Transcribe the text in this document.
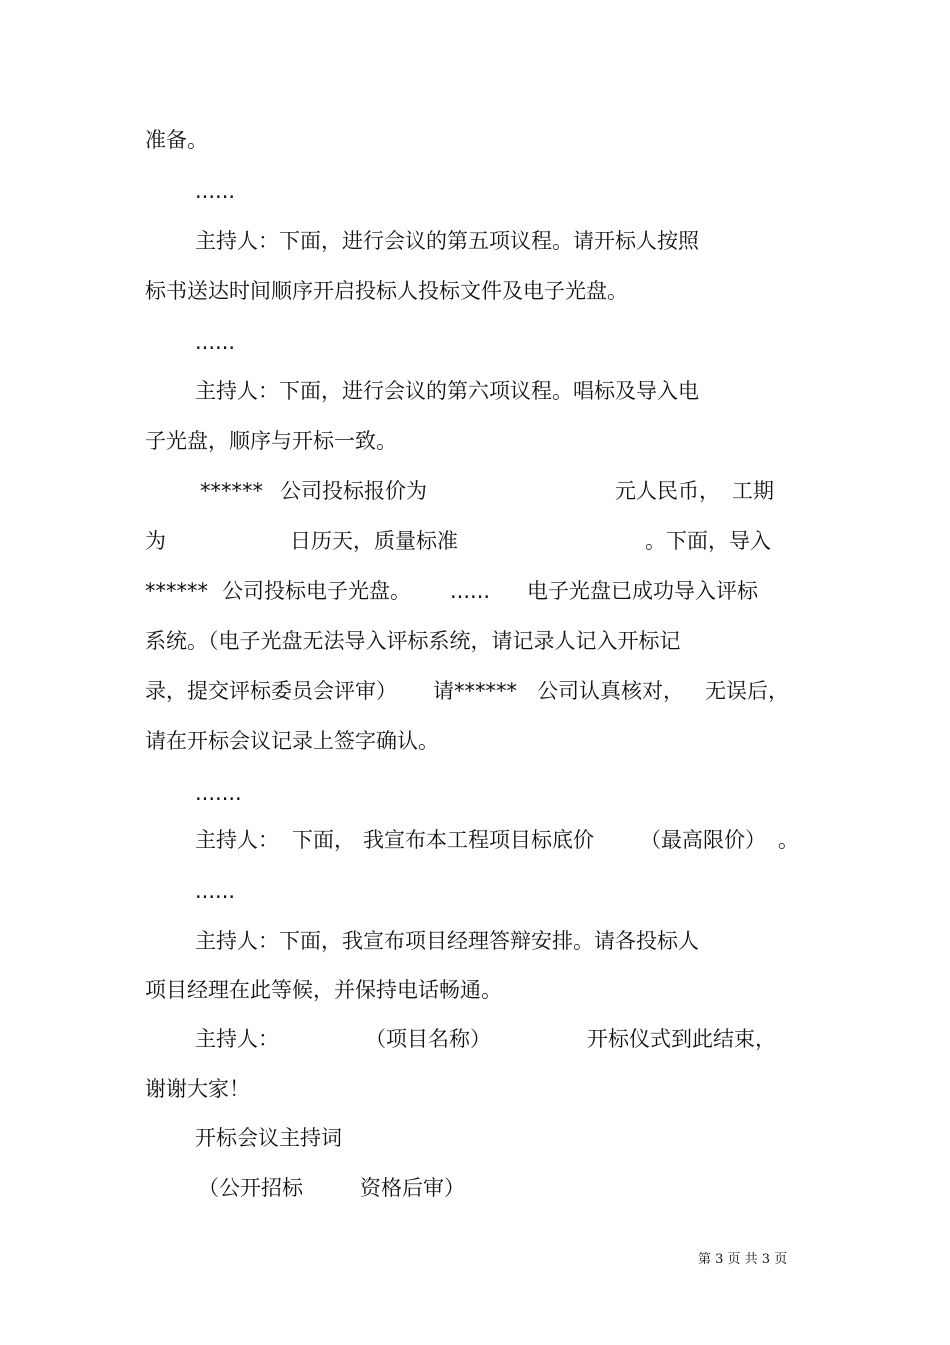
准备。

......

主持人：下面，进行会议的第五项议程。请开标人按照

标书送达时间顺序开启投标人投标文件及电子光盘。

......

主持人：下面，进行会议的第六项议程。唱标及导入电

子光盘，顺序与开标一致。

****** 公司投标报价为	元人民币， 工期
为	日历天，质量标准	。下面，导入
****** 公司投标电子光盘。 ...... 电子光盘已成功导入评标

系统。（电子光盘无法导入评标系统，请记录人记入开标记

录，提交评标委员会评审） 请****** 公司认真核对， 无误后，

请在开标会议记录上签字确认。

.......

主持人： 下面， 我宣布本工程项目标底价 （最高限价） 。

......

主持人：下面，我宣布项目经理答辩安排。请各投标人

项目经理在此等候，并保持电话畅通。

主持人：	（项目名称）	开标仪式到此结束，

谢谢大家！

开标会议主持词

（公开招标	资格后审）
第 3 页 共 3 页
